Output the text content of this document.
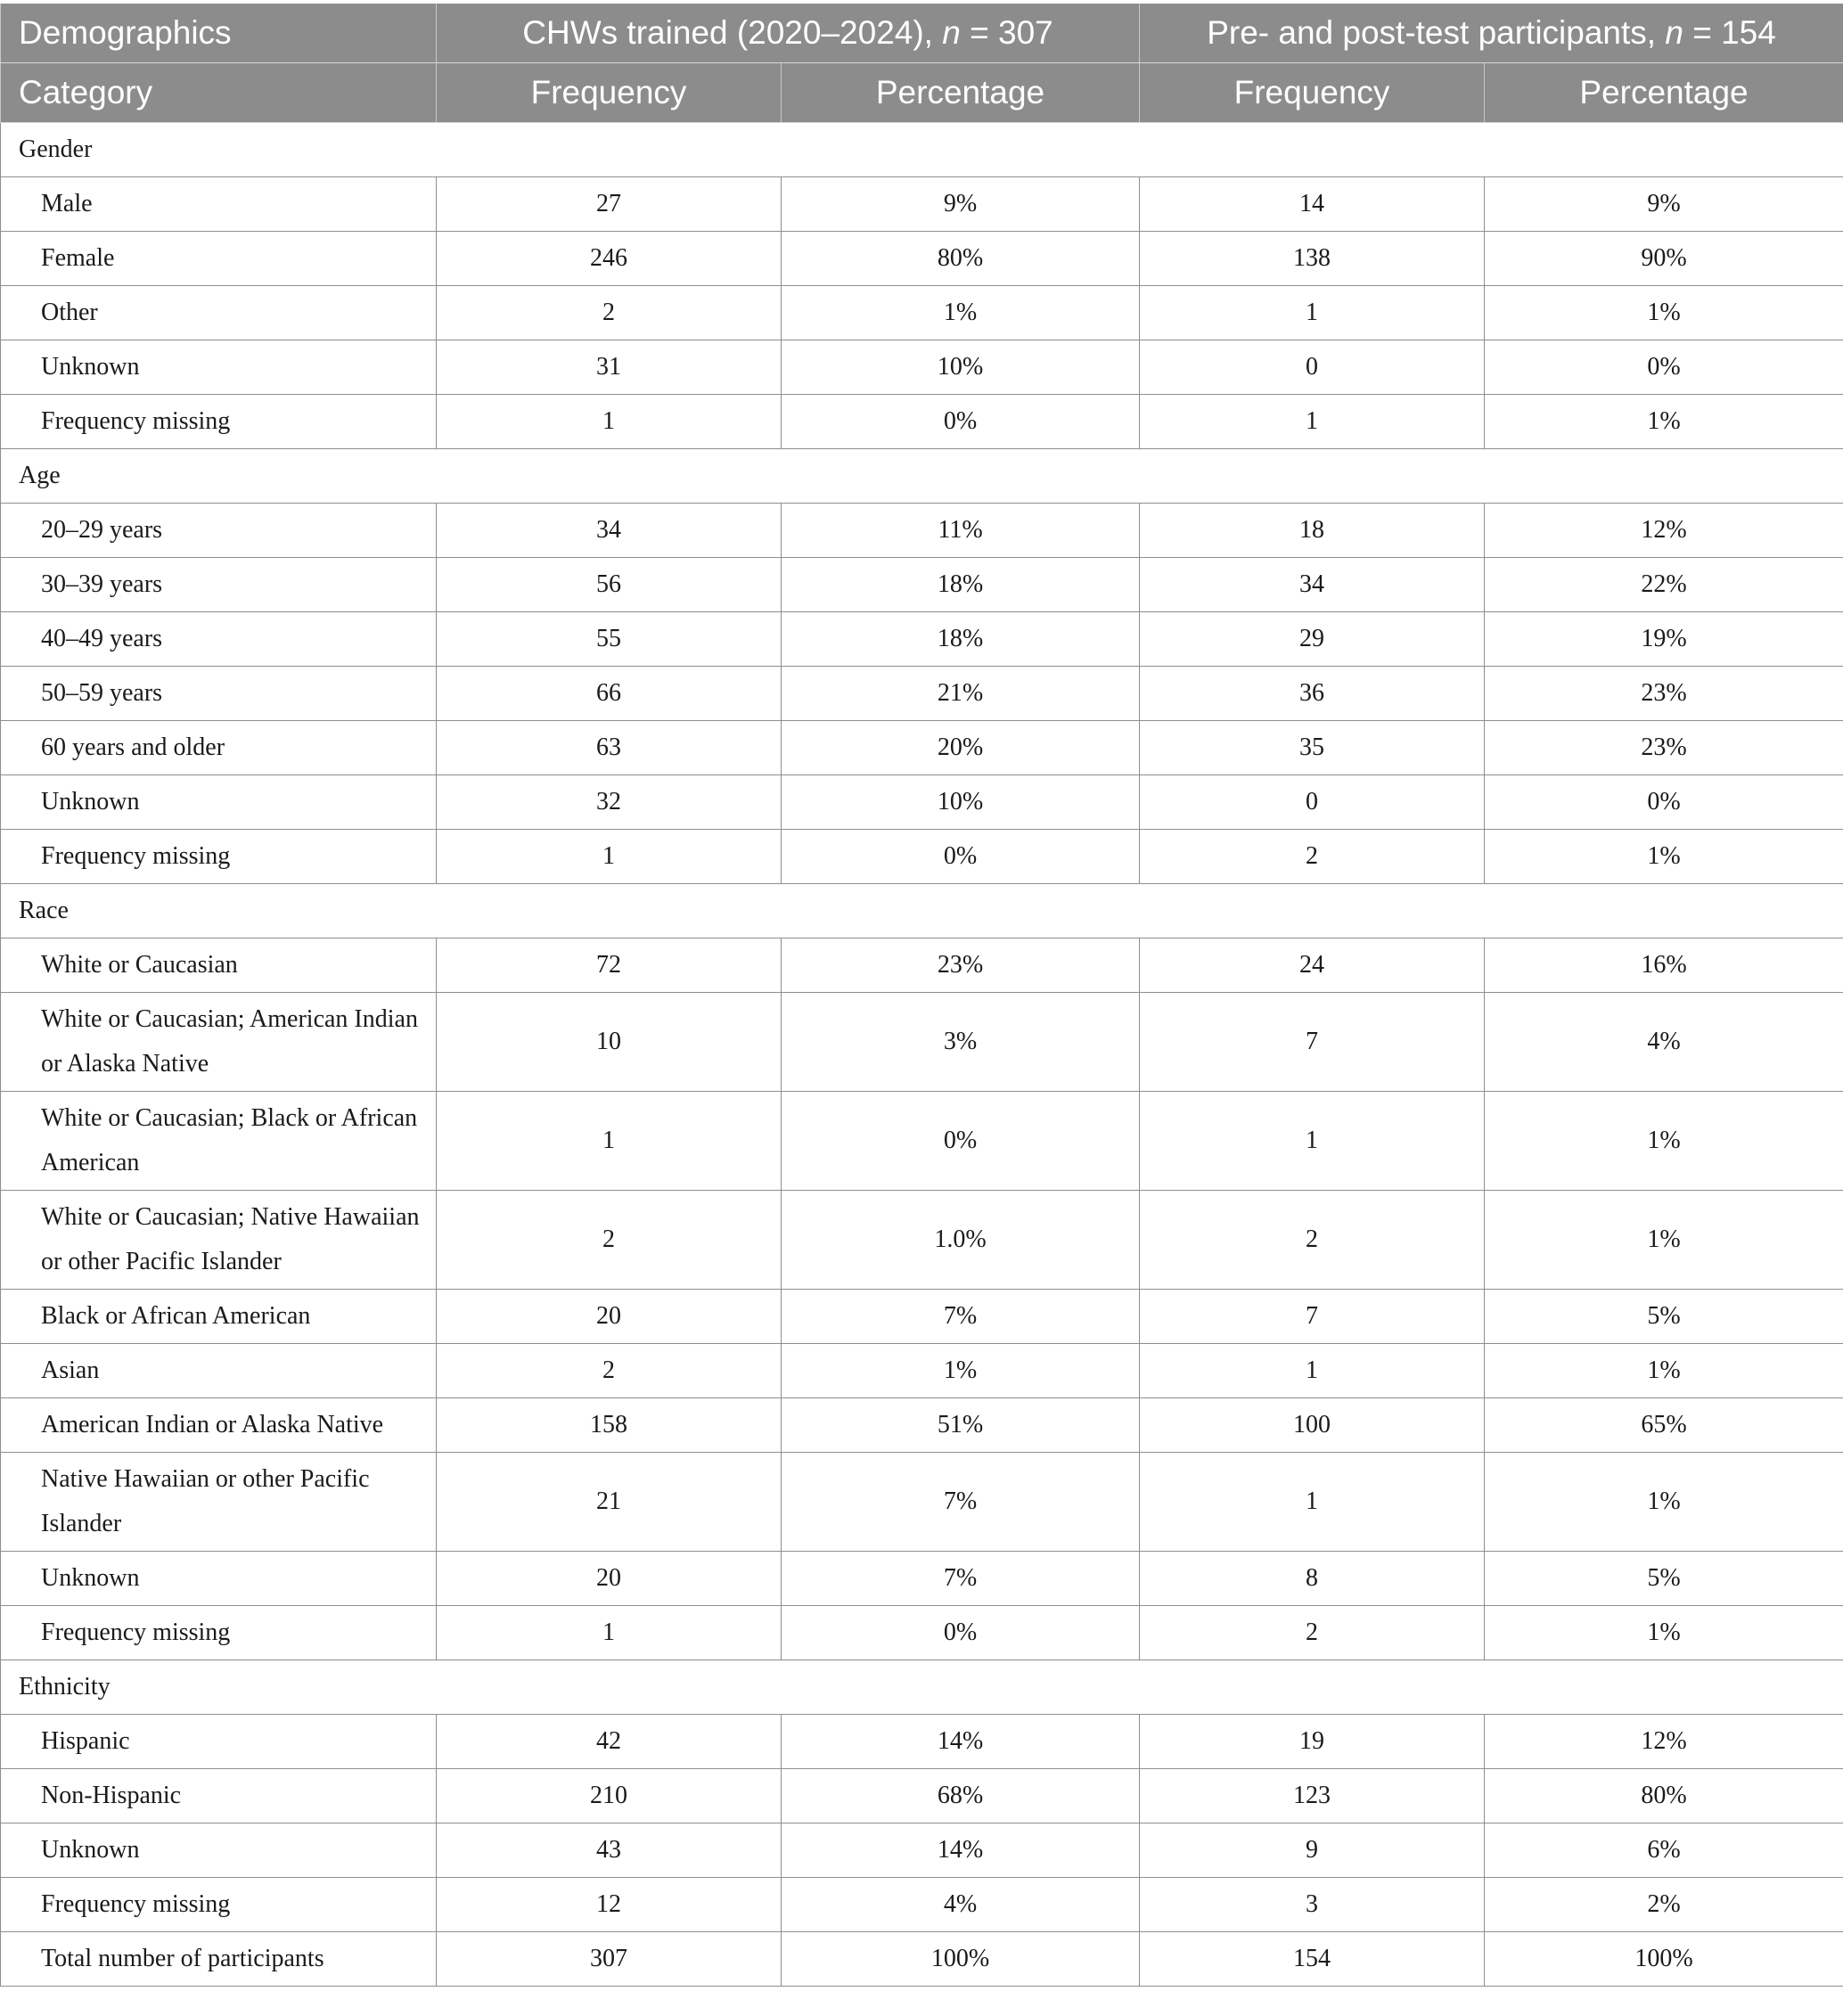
Demographics	CHWs trained (2020–2024), n = 307		Pre- and post-test participants, n = 154	
Category	Frequency	Percentage	Frequency	Percentage
Gender				
Male	27	9%	14	9%
Female	246	80%	138	90%
Other	2	1%	1	1%
Unknown	31	10%	0	0%
Frequency missing	1	0%	1	1%
Age				
20–29 years	34	11%	18	12%
30–39 years	56	18%	34	22%
40–49 years	55	18%	29	19%
50–59 years	66	21%	36	23%
60 years and older	63	20%	35	23%
Unknown	32	10%	0	0%
Frequency missing	1	0%	2	1%
Race				
White or Caucasian	72	23%	24	16%
White or Caucasian; American Indian or Alaska Native	10	3%	7	4%
White or Caucasian; Black or African American	1	0%	1	1%
White or Caucasian; Native Hawaiian or other Pacific Islander	2	1.0%	2	1%
Black or African American	20	7%	7	5%
Asian	2	1%	1	1%
American Indian or Alaska Native	158	51%	100	65%
Native Hawaiian or other Pacific Islander	21	7%	1	1%
Unknown	20	7%	8	5%
Frequency missing	1	0%	2	1%
Ethnicity				
Hispanic	42	14%	19	12%
Non-Hispanic	210	68%	123	80%
Unknown	43	14%	9	6%
Frequency missing	12	4%	3	2%
Total number of participants	307	100%	154	100%
